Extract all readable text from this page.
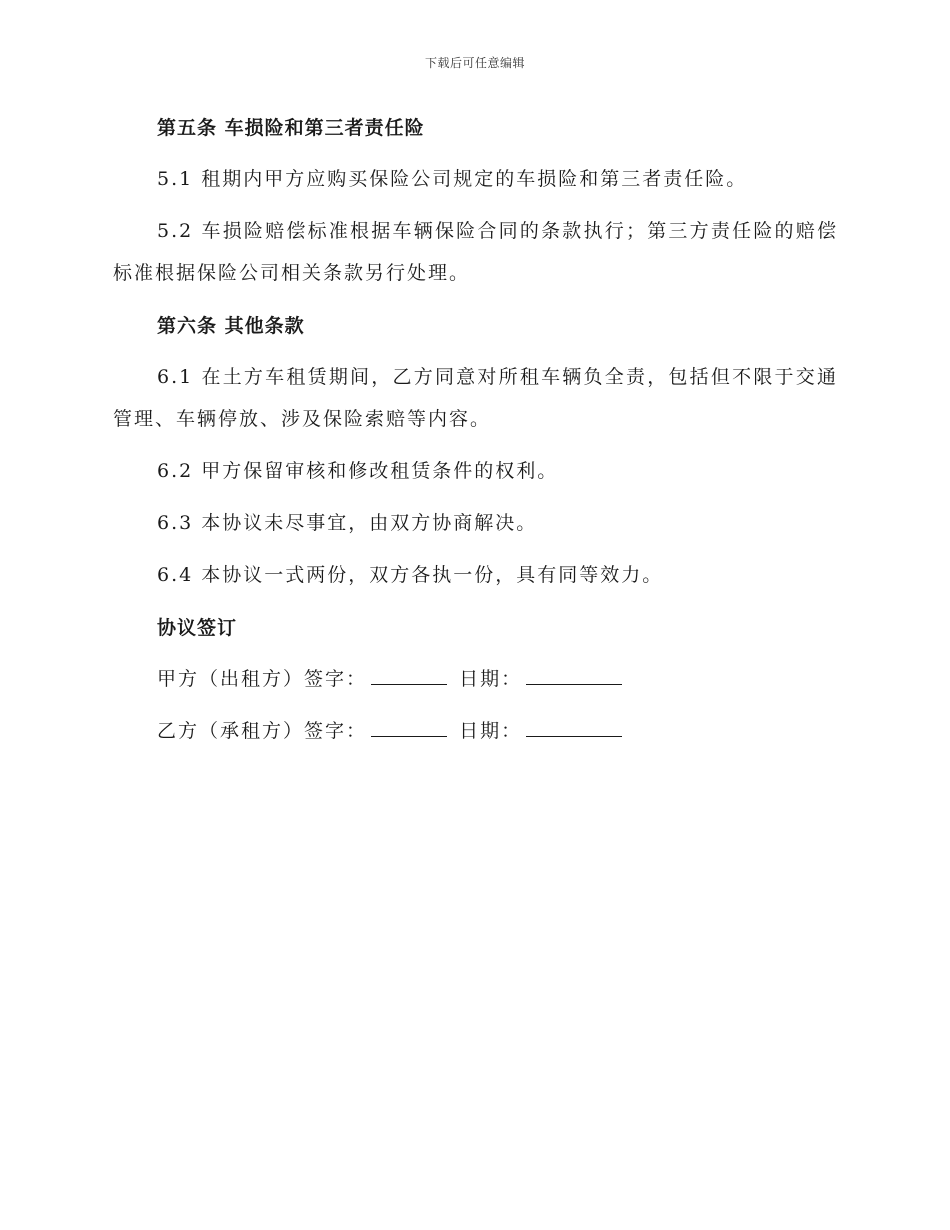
下载后可任意编辑
第五条 车损险和第三者责任险

5.1 租期内甲方应购买保险公司规定的车损险和第三者责任险。

5.2 车损险赔偿标准根据车辆保险合同的条款执行；第三方责任险的赔偿标准根据保险公司相关条款另行处理。

第六条 其他条款

6.1 在土方车租赁期间，乙方同意对所租车辆负全责，包括但不限于交通管理、车辆停放、涉及保险索赔等内容。

6.2 甲方保留审核和修改租赁条件的权利。

6.3 本协议未尽事宜，由双方协商解决。

6.4 本协议一式两份，双方各执一份，具有同等效力。

协议签订

甲方（出租方）签字：	日期：

乙方（承租方）签字：	日期：
